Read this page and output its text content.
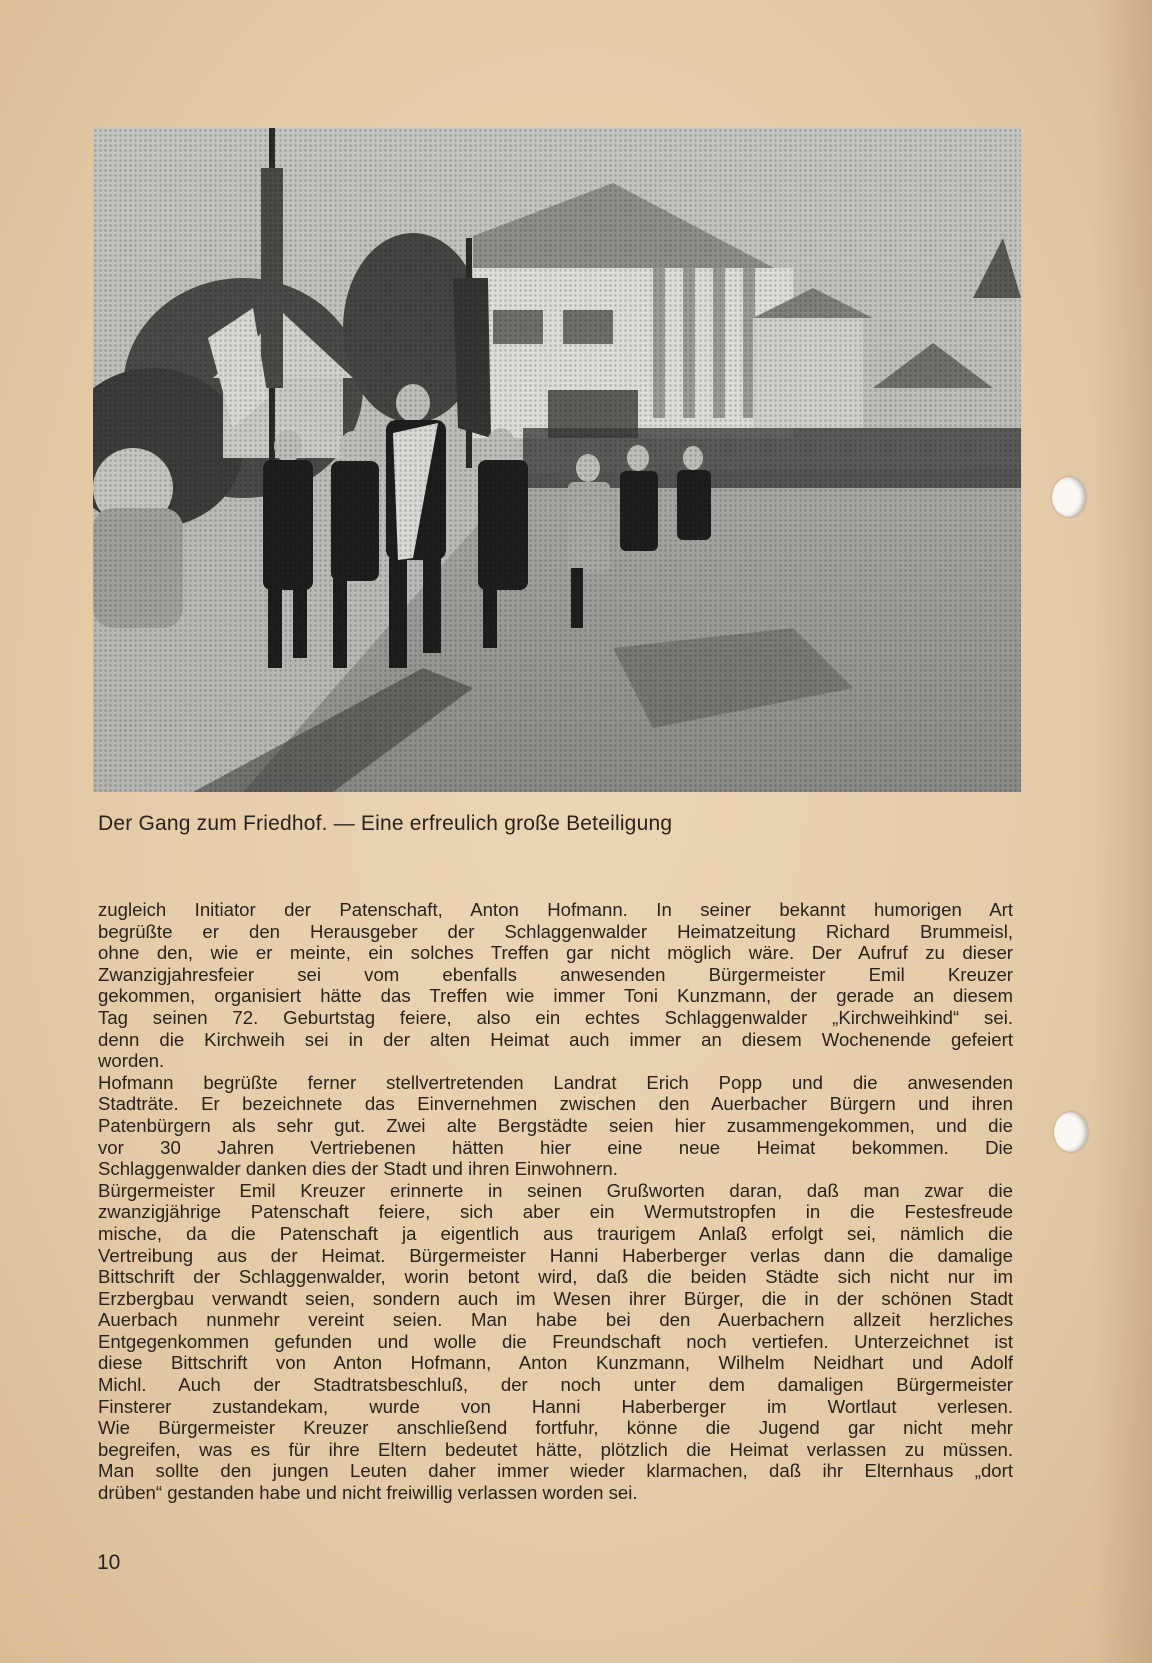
Der Gang zum Friedhof. — Eine erfreulich große Beteiligung
zugleich Initiator der Patenschaft, Anton Hofmann. In seiner bekannt humorigen Art
begrüßte er den Herausgeber der Schlaggenwalder Heimatzeitung Richard Brummeisl,
ohne den, wie er meinte, ein solches Treffen gar nicht möglich wäre. Der Aufruf zu dieser
Zwanzigjahresfeier sei vom ebenfalls anwesenden Bürgermeister Emil Kreuzer
gekommen, organisiert hätte das Treffen wie immer Toni Kunzmann, der gerade an diesem
Tag seinen 72. Geburtstag feiere, also ein echtes Schlaggenwalder „Kirchweihkind“ sei.
denn die Kirchweih sei in der alten Heimat auch immer an diesem Wochenende gefeiert
worden.
Hofmann begrüßte ferner stellvertretenden Landrat Erich Popp und die anwesenden
Stadträte. Er bezeichnete das Einvernehmen zwischen den Auerbacher Bürgern und ihren
Patenbürgern als sehr gut. Zwei alte Bergstädte seien hier zusammengekommen, und die
vor 30 Jahren Vertriebenen hätten hier eine neue Heimat bekommen. Die
Schlaggenwalder danken dies der Stadt und ihren Einwohnern.
Bürgermeister Emil Kreuzer erinnerte in seinen Grußworten daran, daß man zwar die
zwanzigjährige Patenschaft feiere, sich aber ein Wermutstropfen in die Festesfreude
mische, da die Patenschaft ja eigentlich aus traurigem Anlaß erfolgt sei, nämlich die
Vertreibung aus der Heimat. Bürgermeister Hanni Haberberger verlas dann die damalige
Bittschrift der Schlaggenwalder, worin betont wird, daß die beiden Städte sich nicht nur im
Erzbergbau verwandt seien, sondern auch im Wesen ihrer Bürger, die in der schönen Stadt
Auerbach nunmehr vereint seien. Man habe bei den Auerbachern allzeit herzliches
Entgegenkommen gefunden und wolle die Freundschaft noch vertiefen. Unterzeichnet ist
diese Bittschrift von Anton Hofmann, Anton Kunzmann, Wilhelm Neidhart und Adolf
Michl. Auch der Stadtratsbeschluß, der noch unter dem damaligen Bürgermeister
Finsterer zustandekam, wurde von Hanni Haberberger im Wortlaut verlesen.
Wie Bürgermeister Kreuzer anschließend fortfuhr, könne die Jugend gar nicht mehr
begreifen, was es für ihre Eltern bedeutet hätte, plötzlich die Heimat verlassen zu müssen.
Man sollte den jungen Leuten daher immer wieder klarmachen, daß ihr Elternhaus „dort
drüben“ gestanden habe und nicht freiwillig verlassen worden sei.
10
